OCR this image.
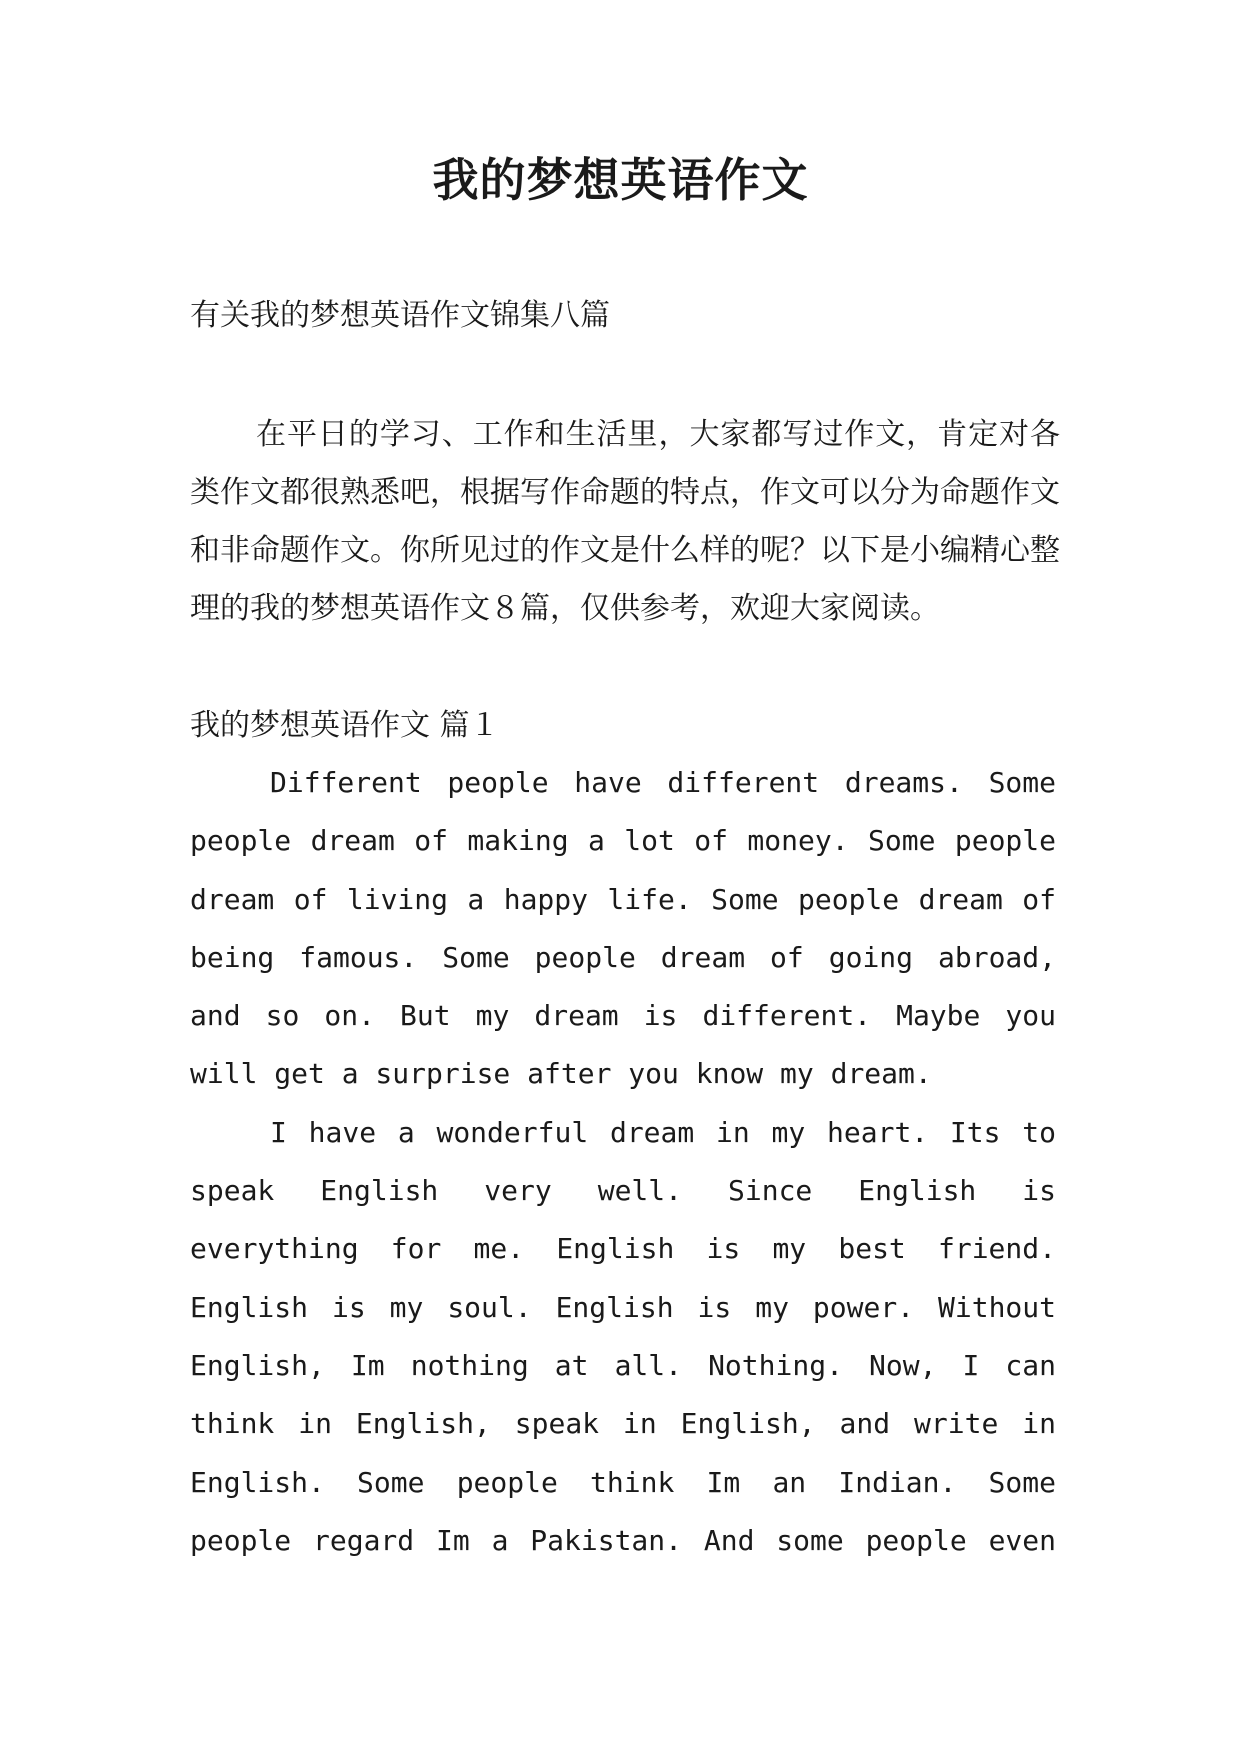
我的梦想英语作文
有关我的梦想英语作文锦集八篇
在平日的学习、工作和生活里，大家都写过作文，肯定对各类作文都很熟悉吧，根据写作命题的特点，作文可以分为命题作文和非命题作文。你所见过的作文是什么样的呢？以下是小编精心整理的我的梦想英语作文８篇，仅供参考，欢迎大家阅读。
我的梦想英语作文 篇１

Different people have different dreams. Some people dream of making a lot of money. Some people dream of living a happy life. Some people dream of being famous. Some people dream of going abroad, and so on. But my dream is different. Maybe you will get a surprise after you know my dream.

I have a wonderful dream in my heart. Its to speak English very well. Since English is everything for me. English is my best friend. English is my soul. English is my power. Without English, Im nothing at all. Nothing. Now, I can think in English, speak in English, and write in English. Some people think Im an Indian. Some people regard Im a Pakistan. And some people even
